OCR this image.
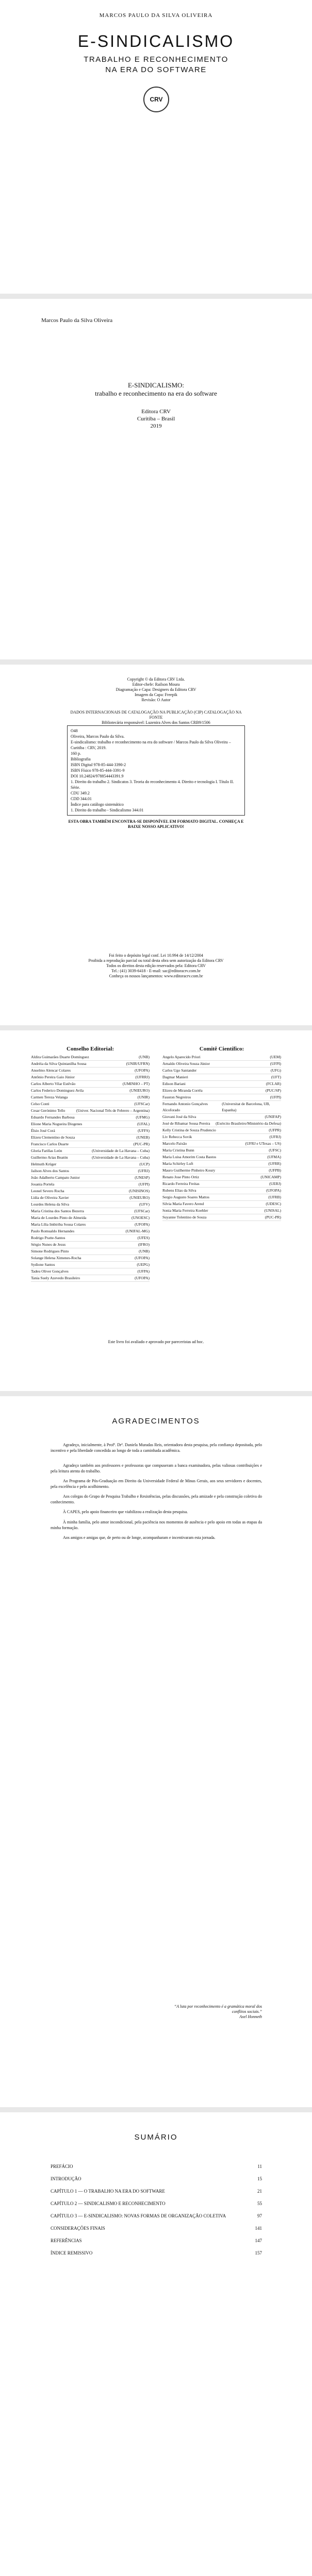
MARCOS PAULO DA SILVA OLIVEIRA
E-SINDICALISMO
TRABALHO E RECONHECIMENTO
NA ERA DO SOFTWARE
CRV
Marcos Paulo da Silva Oliveira
E-SINDICALISMO:
trabalho e reconhecimento na era do software
Editora CRV
Curitiba – Brasil
2019
Copyright © da Editora CRV Ltda.
Editor-chefe: Railson Moura
Diagramação e Capa: Designers da Editora CRV
Imagem da Capa: Freepik
Revisão: O Autor
DADOS INTERNACIONAIS DE CATALOGAÇÃO NA PUBLICAÇÃO (CIP) CATALOGAÇÃO NA FONTE
Bibliotecária responsável: Luzenira Alves dos Santos CRB9/1506
O48
Oliveira, Marcos Paulo da Silva.
E-sindicalismo: trabalho e reconhecimento na era do software / Marcos Paulo da Silva Oliveira – Curitiba : CRV, 2019.
160 p.
Bibliografia
ISBN Digital 978-85-444-3390-2
ISBN Físico 978-85-444-3391-9
DOI 10.24824/978854443391.9
1. Direito do trabalho 2. Sindicatos 3. Teoria do reconhecimento 4. Direito e tecnologia I. Título II. Série.
CDU 349.2
CDD 344.01
Índice para catálogo sistemático
1. Direito do trabalho - Sindicalismo 344.01
ESTA OBRA TAMBÉM ENCONTRA-SE DISPONÍVEL EM FORMATO DIGITAL. CONHEÇA E BAIXE NOSSO APLICATIVO!
Foi feito o depósito legal conf. Lei 10.994 de 14/12/2004
Proibida a reprodução parcial ou total desta obra sem autorização da Editora CRV
Todos os direitos desta edição reservados pela: Editora CRV
Tel.: (41) 3039-6418 - E-mail: sac@editoracrv.com.br
Conheça os nossos lançamentos: www.editoracrv.com.br
Conselho Editorial:
Aldira Guimarães Duarte Domínguez	(UNB)
Andréia da Silva Quintanilha Sousa	(UNIR/UFRN)
Anselmo Alencar Colares	(UFOPA)
Antônio Pereira Gaio Júnior	(UFRRJ)
Carlos Alberto Vilar Estêvão	(UMINHO – PT)
Carlos Federico Dominguez Avila	(UNIEURO)
Carmen Tereza Velanga	(UNIR)
Celso Conti	(UFSCar)
Cesar Gerónimo Tello	(Univer. Nacional Três de Febrero – Argentina)
Eduardo Fernandes Barbosa	(UFMG)
Elione Maria Nogueira Diogenes	(UFAL)
Élsio José Corá	(UFFS)
Elizeu Clementino de Souza	(UNEB)
Francisco Carlos Duarte	(PUC-PR)
Gloria Fariñas León	(Universidade de La Havana – Cuba)
Guillermo Arias Beatón	(Universidade de La Havana – Cuba)
Helmuth Krüger	(UCP)
Jailson Alves dos Santos	(UFRJ)
João Adalberto Campato Junior	(UNESP)
Josania Portela	(UFPI)
Leonel Severo Rocha	(UNISINOS)
Lídia de Oliveira Xavier	(UNIEURO)
Lourdes Helena da Silva	(UFV)
Maria Cristina dos Santos Bezerra	(UFSCar)
Maria de Lourdes Pinto de Almeida	(UNOESC)
Maria Lília Imbiriba Sousa Colares	(UFOPA)
Paulo Romualdo Hernandes	(UNIFAL-MG)
Rodrigo Pratte-Santos	(UFES)
Sérgio Nunes de Jesus	(IFRO)
Simone Rodrigues Pinto	(UNB)
Solange Helena Ximenes-Rocha	(UFOPA)
Sydione Santos	(UEPG)
Tadeu Oliver Gonçalves	(UFPA)
Tania Suely Azevedo Brasileiro	(UFOPA)
Comitê Científico:
Angelo Aparecido Priori	(UEM)
Arnaldo Oliveira Souza Júnior	(UFPI)
Carlos Ugo Santander	(UFG)
Dagmar Manieri	(UFT)
Edison Bariani	(FCLAR)
Elizeu de Miranda Corrêa	(PUC/SP)
Fauston Negreiros	(UFPI)
Fernando Antonio Gonçalves Alcoforado
(Universitat de Barcelona, UB, Espanha)
Giovani José da Silva	(UNIFAP)
José de Ribamar Sousa Pereira (Exército Brasileiro/Ministério da Defesa)
Kelly Cristina de Souza Prudencio	(UFPR)
Liv Rebecca Sovik	(UFRJ)
Marcelo Paixão	(UFRJ e UTexas – US)
Maria Cristina Bunn	(UFSC)
Maria Luisa Amorim Costa Bastos	(UFMA)
Maria Schirley Luft	(UFRR)
Mauro Guilherme Pinheiro Koury	(UFPB)
Renato Jose Pinto Ortiz	(UNICAMP)
Ricardo Ferreira Freitas	(UERJ)
Rubens Elias da Silva	(UFOPA)
Sergio Augusto Soares Mattos	(UFRB)
Silvia Maria Favero Arend	(UDESC)
Sonia Maria Ferreira Koehler	(UNISAL)
Suyanne Tolentino de Souza	(PUC-PR)
Este livro foi avaliado e aprovado por pareceristas ad hoc.
AGRADECIMENTOS
Agradeço, inicialmente, à Profª. Drª. Daniela Muradas Reis, orientadora desta pesquisa, pela confiança depositada, pelo incentivo e pela liberdade concedida ao longo de toda a caminhada acadêmica.
Agradeço também aos professores e professoras que compuseram a banca examinadora, pelas valiosas contribuições e pela leitura atenta do trabalho.
Ao Programa de Pós-Graduação em Direito da Universidade Federal de Minas Gerais, aos seus servidores e docentes, pela excelência e pelo acolhimento.
Aos colegas do Grupo de Pesquisa Trabalho e Resistências, pelas discussões, pela amizade e pela construção coletiva do conhecimento.
À CAPES, pelo apoio financeiro que viabilizou a realização desta pesquisa.
À minha família, pelo amor incondicional, pela paciência nos momentos de ausência e pelo apoio em todas as etapas da minha formação.
Aos amigos e amigas que, de perto ou de longe, acompanharam e incentivaram esta jornada.
“A luta por reconhecimento é a gramática moral dos conflitos sociais.”
Axel Honneth
SUMÁRIO
PREFÁCIO	11
INTRODUÇÃO	15
CAPÍTULO 1 — O TRABALHO NA ERA DO SOFTWARE	21
CAPÍTULO 2 — SINDICALISMO E RECONHECIMENTO	55
CAPÍTULO 3 — E-SINDICALISMO: NOVAS FORMAS DE ORGANIZAÇÃO COLETIVA	97
CONSIDERAÇÕES FINAIS	141
REFERÊNCIAS	147
ÍNDICE REMISSIVO	157
